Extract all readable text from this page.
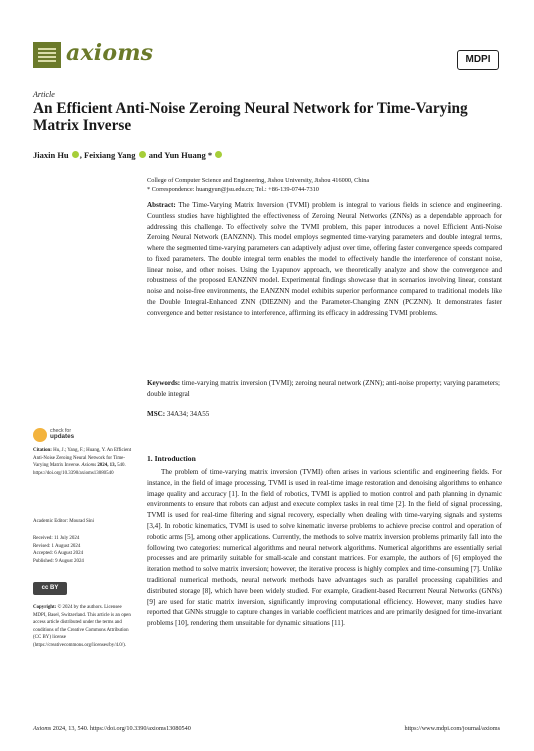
axioms	MDPI
Article
An Efficient Anti-Noise Zeroing Neural Network for Time-Varying Matrix Inverse
Jiaxin Hu , Feixiang Yang and Yun Huang *
College of Computer Science and Engineering, Jishou University, Jishou 416000, China
* Correspondence: huangyun@jsu.edu.cn; Tel.: +86-139-0744-7310
Abstract: The Time-Varying Matrix Inversion (TVMI) problem is integral to various fields in science and engineering. Countless studies have highlighted the effectiveness of Zeroing Neural Networks (ZNNs) as a dependable approach for addressing this challenge. To effectively solve the TVMI problem, this paper introduces a novel Efficient Anti-Noise Zeroing Neural Network (EANZNN). This model employs segmented time-varying parameters and double integral terms, where the segmented time-varying parameters can adaptively adjust over time, offering faster convergence speeds compared to fixed parameters. The double integral term enables the model to effectively handle the interference of constant noise, linear noise, and other noises. Using the Lyapunov approach, we theoretically analyze and show the convergence and robustness of the proposed EANZNN model. Experimental findings showcase that in scenarios involving linear, constant noise and noise-free environments, the EANZNN model exhibits superior performance compared to traditional models like the Double Integral-Enhanced ZNN (DIEZNN) and the Parameter-Changing ZNN (PCZNN). It demonstrates faster convergence and better resistance to interference, affirming its efficacy in addressing TVMI problems.
Keywords: time-varying matrix inversion (TVMI); zeroing neural network (ZNN); anti-noise property; varying parameters; double integral
MSC: 34A34; 34A55
check for
updates
Citation: Hu, J.; Yang, F.; Huang, Y. An Efficient Anti-Noise Zeroing Neural Network for Time-Varying Matrix Inverse. Axioms 2024, 13, 540. https://doi.org/10.3390/axioms13080540
Academic Editor: Mourad Sini
Received: 11 July 2024
Revised: 1 August 2024
Accepted: 6 August 2024
Published: 9 August 2024
cc BY
Copyright: © 2024 by the authors. Licensee MDPI, Basel, Switzerland. This article is an open access article distributed under the terms and conditions of the Creative Commons Attribution (CC BY) license (https://creativecommons.org/licenses/by/4.0/).
1. Introduction
The problem of time-varying matrix inversion (TVMI) often arises in various scientific and engineering fields. For instance, in the field of image processing, TVMI is used in real-time image restoration and denoising algorithms to enhance image quality and accuracy [1]. In the field of robotics, TVMI is applied to motion control and path planning in dynamic environments to ensure that robots can adjust and execute complex tasks in real time [2]. In the field of signal processing, TVMI is used for real-time filtering and signal recovery, especially when dealing with time-varying signals and systems [3,4]. In robotic kinematics, TVMI is used to solve kinematic inverse problems to achieve precise control and operation of robotic arms [5], among other applications. Currently, the methods to solve matrix inversion problems primarily fall into the following two categories: numerical algorithms and neural network algorithms. Numerical algorithms are essentially serial processes and are primarily suitable for small-scale and constant matrices. For example, the authors of [6] employed the iteration method to solve matrix inversion; however, the iterative process is highly complex and time-consuming [7]. Unlike traditional numerical methods, neural network methods have advantages such as parallel processing capabilities and distributed storage [8], which have been widely studied. For example, Gradient-based Recurrent Neural Networks (GNNs) [9] are used for static matrix inversion, significantly improving computational efficiency. However, many studies have reported that GNNs struggle to capture changes in variable coefficient matrices and are primarily designed for time-invariant problems [10], rendering them unsuitable for dynamic situations [11].
Axioms 2024, 13, 540. https://doi.org/10.3390/axioms13080540	https://www.mdpi.com/journal/axioms
